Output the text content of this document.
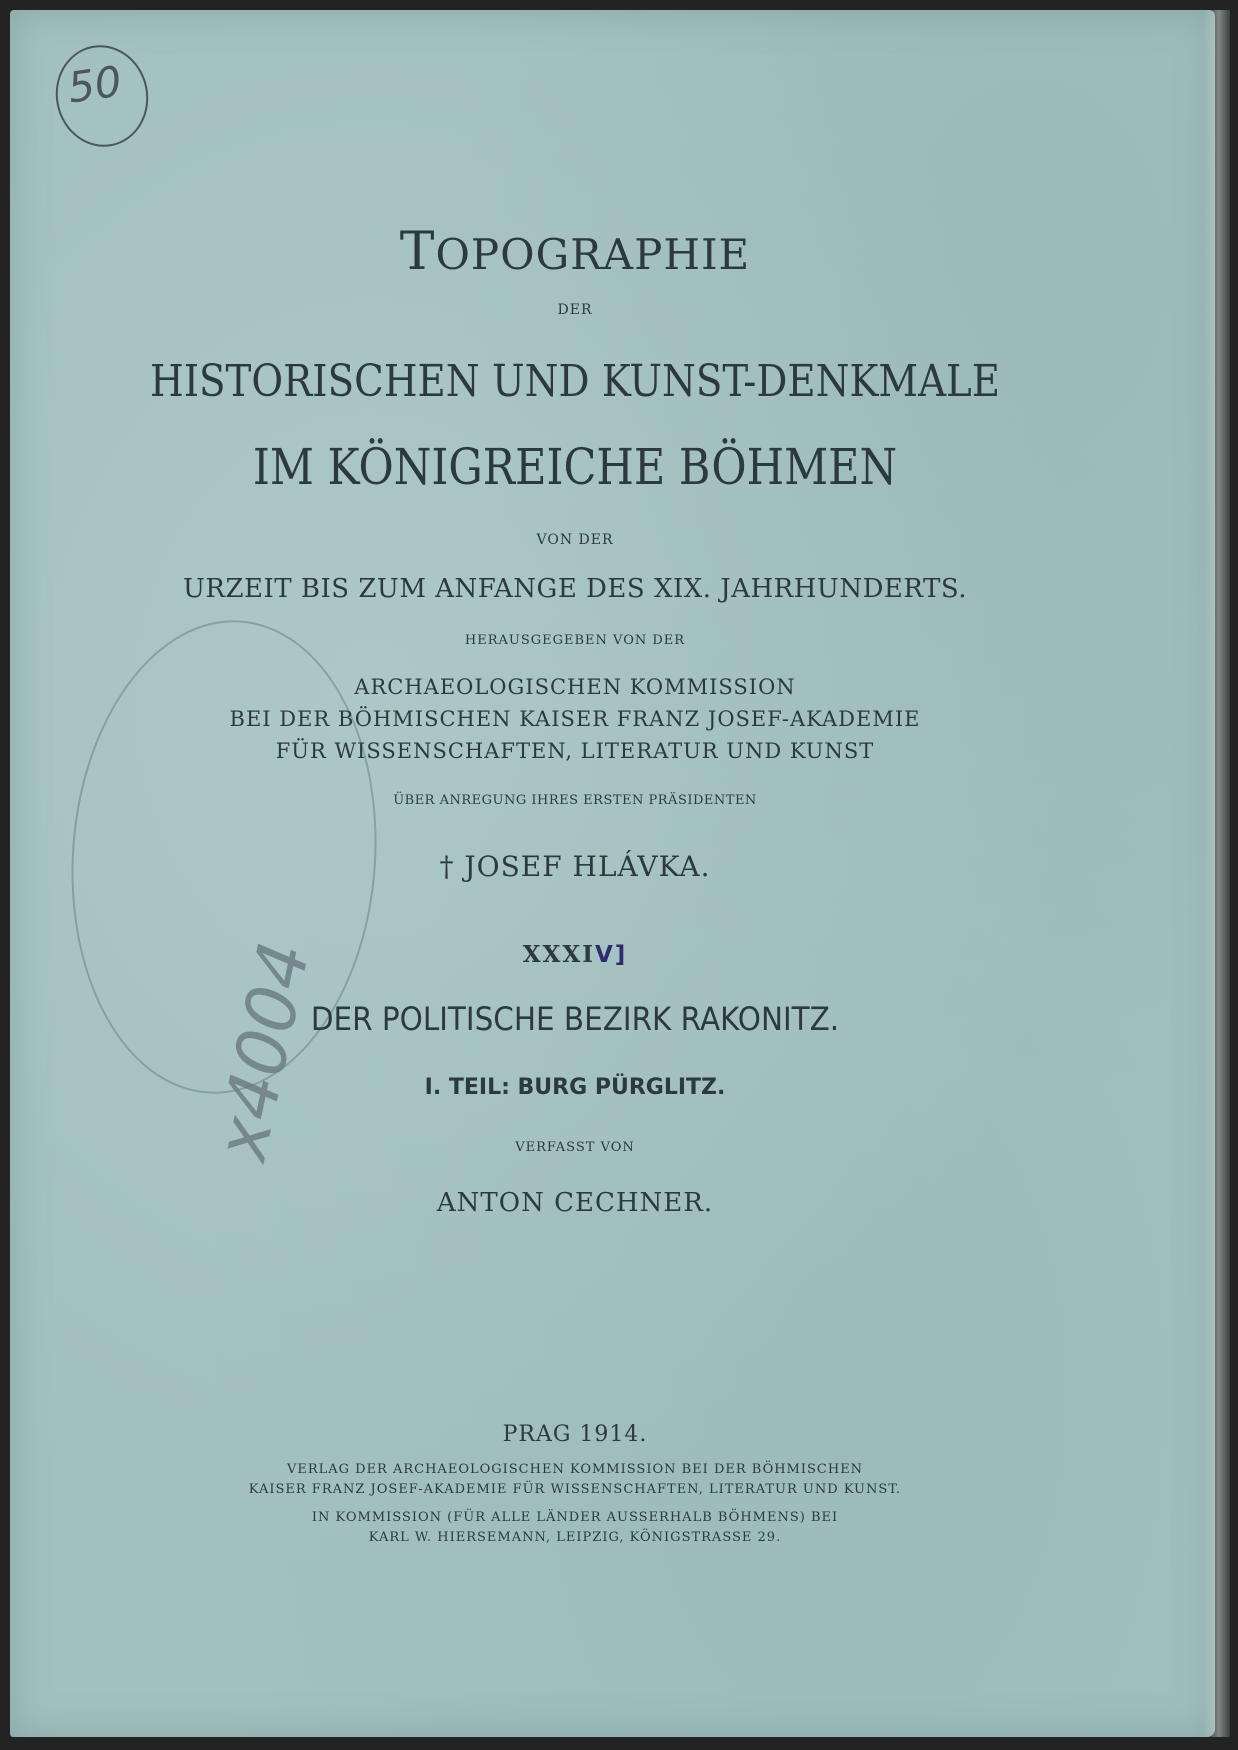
50
x4004
TOPOGRAPHIE
DER
HISTORISCHEN UND KUNST-DENKMALE
IM KÖNIGREICHE BÖHMEN
VON DER
URZEIT BIS ZUM ANFANGE DES XIX. JAHRHUNDERTS.
HERAUSGEGEBEN VON DER
ARCHAEOLOGISCHEN KOMMISSION
BEI DER BÖHMISCHEN KAISER FRANZ JOSEF-AKADEMIE
FÜR WISSENSCHAFTEN, LITERATUR UND KUNST
ÜBER ANREGUNG IHRES ERSTEN PRÄSIDENTEN
† JOSEF HLÁVKA.
XXXIV]
DER POLITISCHE BEZIRK RAKONITZ.
I. TEIL: BURG PÜRGLITZ.
VERFASST VON
ANTON CECHNER.
PRAG 1914.
VERLAG DER ARCHAEOLOGISCHEN KOMMISSION BEI DER BÖHMISCHEN
KAISER FRANZ JOSEF-AKADEMIE FÜR WISSENSCHAFTEN, LITERATUR UND KUNST.
IN KOMMISSION (FÜR ALLE LÄNDER AUSSERHALB BÖHMENS) BEI
KARL W. HIERSEMANN, LEIPZIG, KÖNIGSTRASSE 29.
